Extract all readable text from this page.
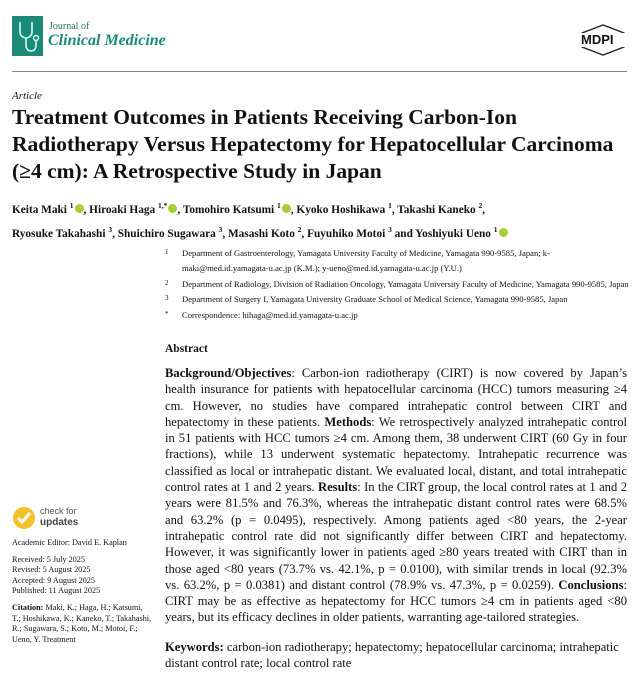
Journal of
Clinical Medicine	MDPI
Article
Treatment Outcomes in Patients Receiving Carbon-Ion Radiotherapy Versus Hepatectomy for Hepatocellular Carcinoma (≥4 cm): A Retrospective Study in Japan
Keita Maki $^1$ , Hiroaki Haga $^{1,*}$ , Tomohiro Katsumi $^1$ , Kyoko Hoshikawa $^1$, Takashi Kaneko $^2$,
Ryosuke Takahashi $^3$, Shuichiro Sugawara $^3$, Masashi Koto $^2$, Fuyuhiko Motoi $^3$ and Yoshiyuki Ueno $^1$
1 Department of Gastroenterology, Yamagata University Faculty of Medicine, Yamagata 990-9585, Japan; k-maki@med.id.yamagata-u.ac.jp (K.M.); y-ueno@med.id.yamagata-u.ac.jp (Y.U.)
2 Department of Radiology, Division of Radiation Oncology, Yamagata University Faculty of Medicine, Yamagata 990-9585, Japan
3 Department of Surgery I, Yamagata University Graduate School of Medical Science, Yamagata 990-9585, Japan
* Correspondence: hihaga@med.id.yamagata-u.ac.jp
Abstract
Background/Objectives: Carbon-ion radiotherapy (CIRT) is now covered by Japan’s health insurance for patients with hepatocellular carcinoma (HCC) tumors measuring ≥4 cm. However, no studies have compared intrahepatic control between CIRT and hepatectomy in these patients. Methods: We retrospectively analyzed intrahepatic control in 51 patients with HCC tumors ≥4 cm. Among them, 38 underwent CIRT (60 Gy in four fractions), while 13 underwent systematic hepatectomy. Intrahepatic recurrence was classified as local or intrahepatic distant. We evaluated local, distant, and total intrahepatic control rates at 1 and 2 years. Results: In the CIRT group, the local control rates at 1 and 2 years were 81.5% and 76.3%, whereas the intrahepatic distant control rates were 68.5% and 63.2% (p = 0.0495), respectively. Among patients aged <80 years, the 2-year intrahepatic control rate did not significantly differ between CIRT and hepatectomy. However, it was significantly lower in patients aged ≥80 years treated with CIRT than in those aged <80 years (73.7% vs. 42.1%, p = 0.0100), with similar trends in local (92.3% vs. 63.2%, p = 0.0381) and distant control (78.9% vs. 47.3%, p = 0.0259). Conclusions: CIRT may be as effective as hepatectomy for HCC tumors ≥4 cm in patients aged <80 years, but its efficacy declines in older patients, warranting age-tailored strategies.
Keywords: carbon-ion radiotherapy; hepatectomy; hepatocellular carcinoma; intrahepatic distant control rate; local control rate
check for
updates
Academic Editor: David E. Kaplan
Received: 5 July 2025
Revised: 5 August 2025
Accepted: 9 August 2025
Published: 11 August 2025
Citation: Maki, K.; Haga, H.; Katsumi, T.; Hoshikawa, K.; Kaneko, T.; Takahashi, R.; Sugawara, S.; Koto, M.; Motoi, F.; Ueno, Y. Treatment
